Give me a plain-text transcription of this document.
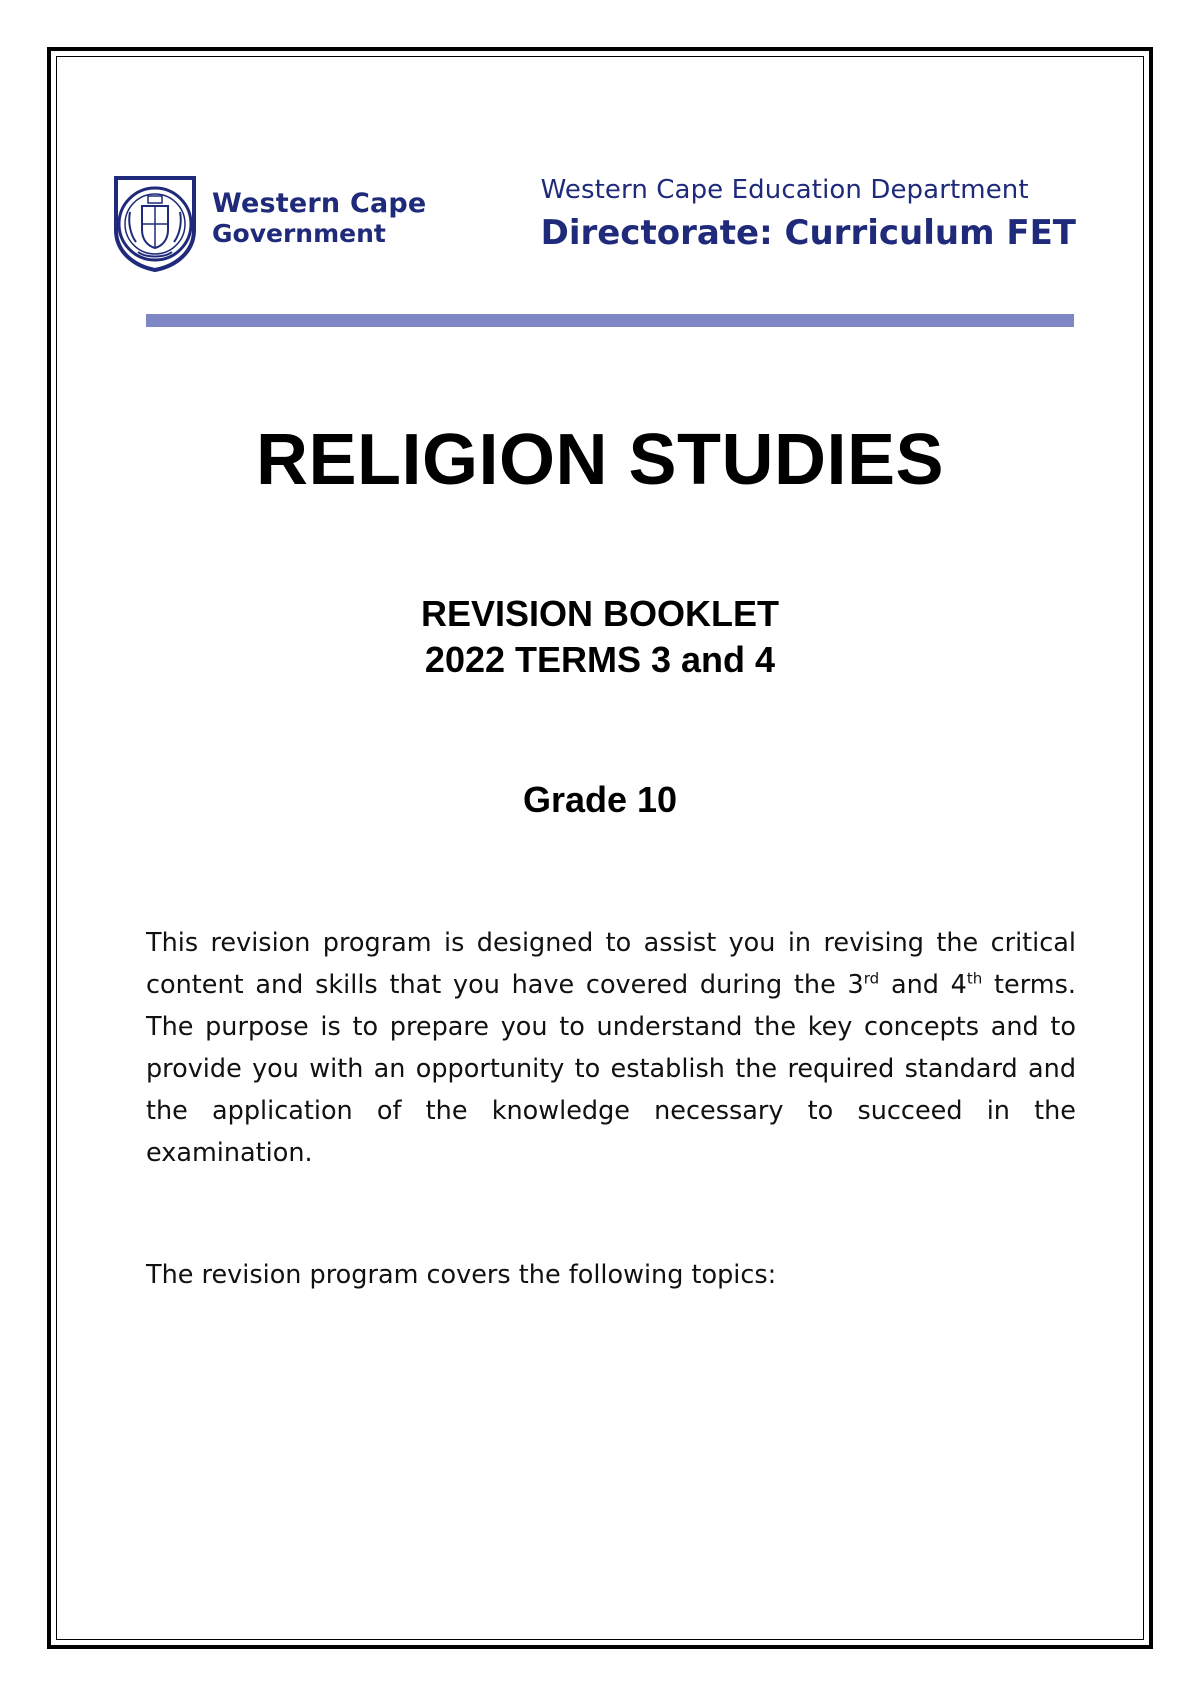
Western Cape
Government
Western Cape Education Department
Directorate: Curriculum FET
RELIGION STUDIES
REVISION BOOKLET
2022 TERMS 3 and 4
Grade 10

This revision program is designed to assist you in revising the critical content and skills that you have covered during the 3rd and 4th terms. The purpose is to prepare you to understand the key concepts and to provide you with an opportunity to establish the required standard and the application of the knowledge necessary to succeed in the examination.

The revision program covers the following topics:
